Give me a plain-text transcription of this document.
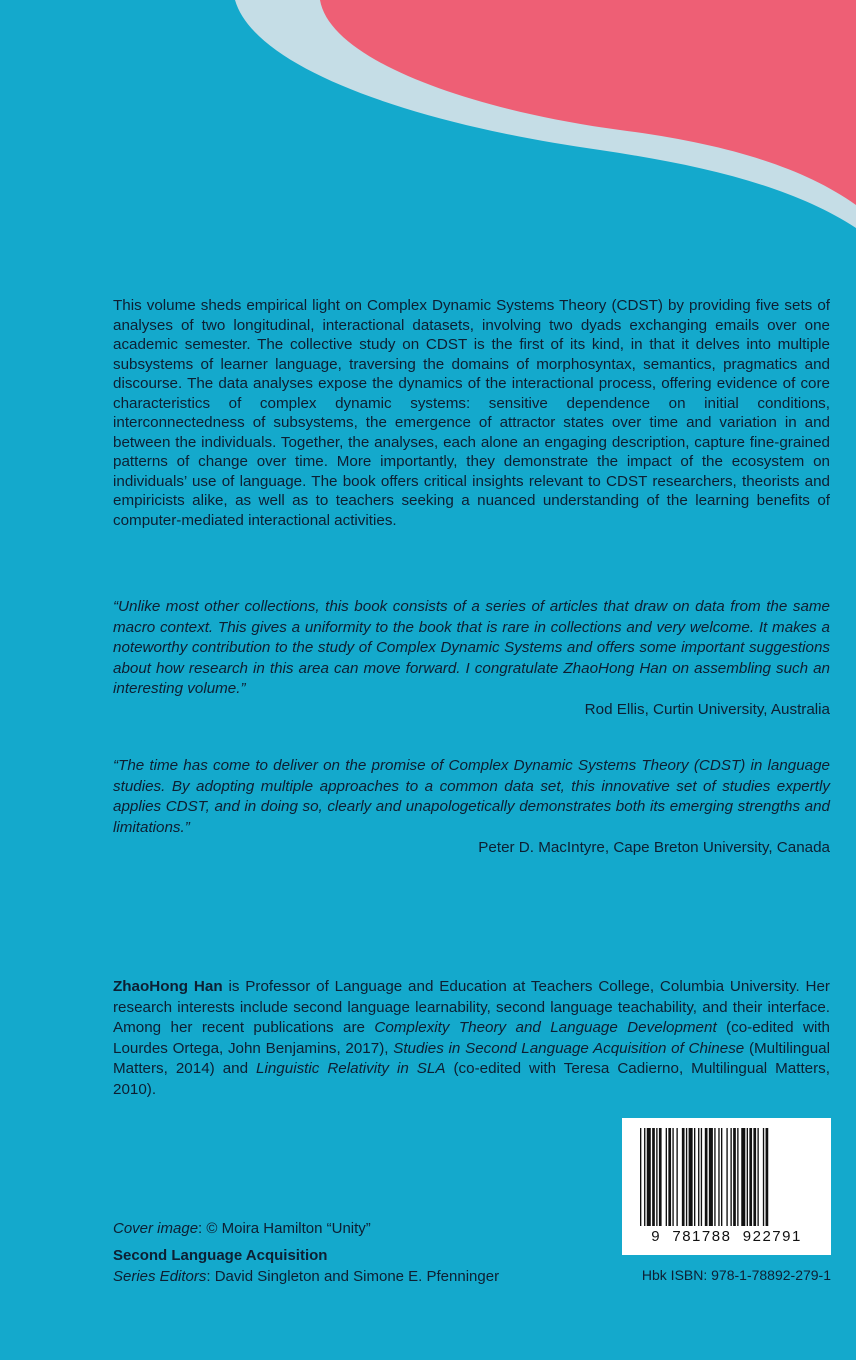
This volume sheds empirical light on Complex Dynamic Systems Theory (CDST) by providing five sets of analyses of two longitudinal, interactional datasets, involving two dyads exchanging emails over one academic semester. The collective study on CDST is the first of its kind, in that it delves into multiple subsystems of learner language, traversing the domains of morphosyntax, semantics, pragmatics and discourse. The data analyses expose the dynamics of the interactional process, offering evidence of core characteristics of complex dynamic systems: sensitive dependence on initial conditions, interconnectedness of subsystems, the emergence of attractor states over time and variation in and between the individuals. Together, the analyses, each alone an engaging description, capture fine-grained patterns of change over time. More importantly, they demonstrate the impact of the ecosystem on individuals’ use of language. The book offers critical insights relevant to CDST researchers, theorists and empiricists alike, as well as to teachers seeking a nuanced understanding of the learning benefits of computer-mediated interactional activities.
“Unlike most other collections, this book consists of a series of articles that draw on data from the same macro context. This gives a uniformity to the book that is rare in collections and very welcome. It makes a noteworthy contribution to the study of Complex Dynamic Systems and offers some important suggestions about how research in this area can move forward. I congratulate ZhaoHong Han on assembling such an interesting volume.”
Rod Ellis, Curtin University, Australia
“The time has come to deliver on the promise of Complex Dynamic Systems Theory (CDST) in language studies. By adopting multiple approaches to a common data set, this innovative set of studies expertly applies CDST, and in doing so, clearly and unapologetically demonstrates both its emerging strengths and limitations.”
Peter D. MacIntyre, Cape Breton University, Canada
ZhaoHong Han is Professor of Language and Education at Teachers College, Columbia University. Her research interests include second language learnability, second language teachability, and their interface. Among her recent publications are Complexity Theory and Language Development (co-edited with Lourdes Ortega, John Benjamins, 2017), Studies in Second Language Acquisition of Chinese (Multilingual Matters, 2014) and Linguistic Relativity in SLA (co-edited with Teresa Cadierno, Multilingual Matters, 2010).
Cover image: © Moira Hamilton “Unity”
Second Language Acquisition
Series Editors: David Singleton and Simone E. Pfenninger
9  781788  922791
Hbk ISBN: 978-1-78892-279-1
